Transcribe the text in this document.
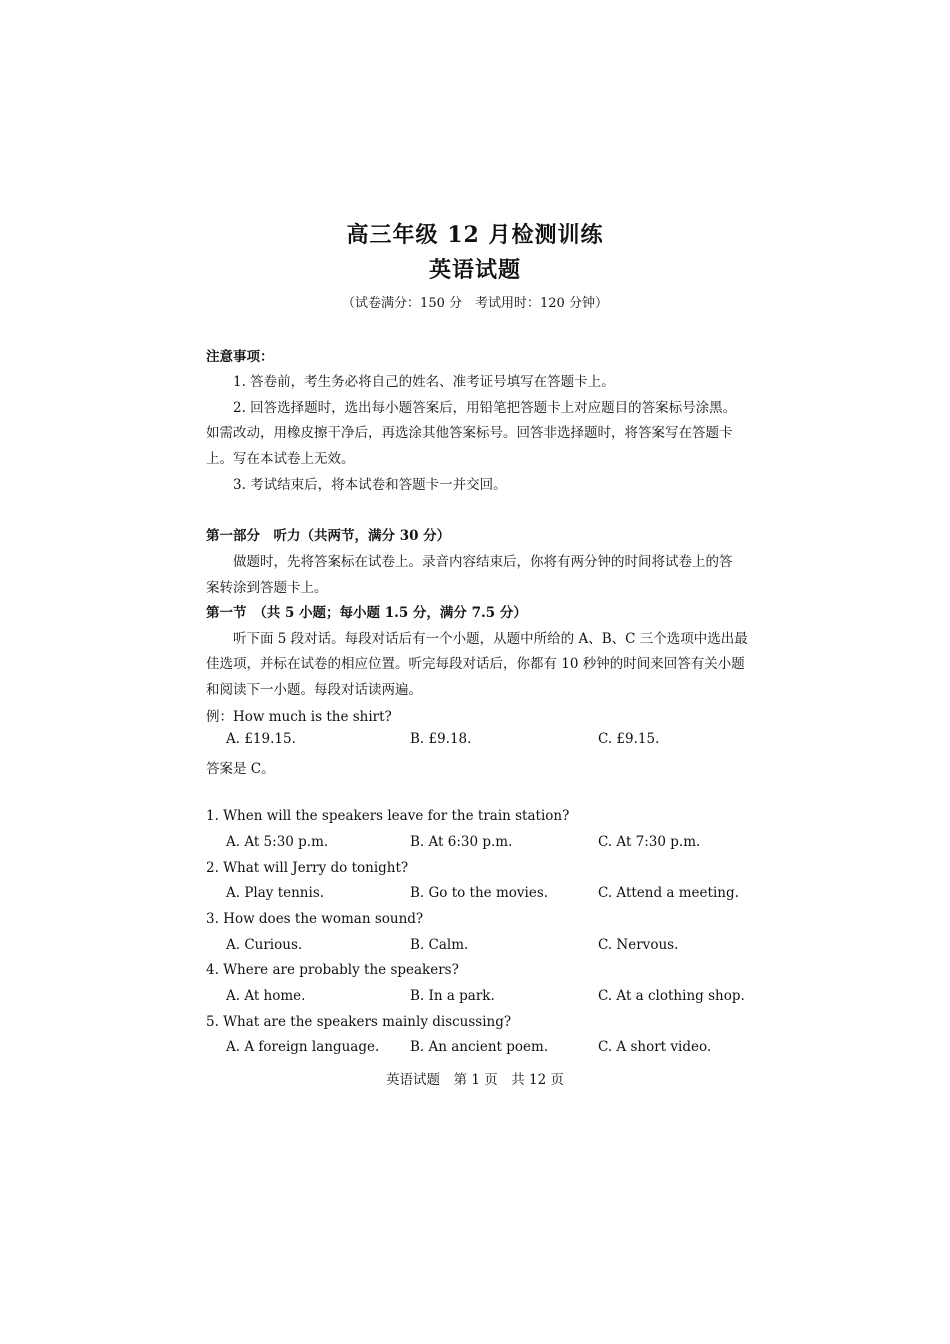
高三年级 12 月检测训练
英语试题
（试卷满分：150 分　考试用时：120 分钟）
注意事项：
1. 答卷前，考生务必将自己的姓名、准考证号填写在答题卡上。
2. 回答选择题时，选出每小题答案后，用铅笔把答题卡上对应题目的答案标号涂黑。
如需改动，用橡皮擦干净后，再选涂其他答案标号。回答非选择题时，将答案写在答题卡
上。写在本试卷上无效。
3. 考试结束后，将本试卷和答题卡一并交回。
第一部分　听力（共两节，满分 30 分）
做题时，先将答案标在试卷上。录音内容结束后，你将有两分钟的时间将试卷上的答
案转涂到答题卡上。
第一节　（共 5 小题；每小题 1.5 分，满分 7.5 分）
听下面 5 段对话。每段对话后有一个小题，从题中所给的 A、B、C 三个选项中选出最
佳选项，并标在试卷的相应位置。听完每段对话后，你都有 10 秒钟的时间来回答有关小题
和阅读下一小题。每段对话读两遍。
例：How much is the shirt?
A. £19.15.	B. £9.18.	C. £9.15.
答案是 C。
1. When will the speakers leave for the train station?
A. At 5:30 p.m.	B. At 6:30 p.m.	C. At 7:30 p.m.
2. What will Jerry do tonight?
A. Play tennis.	B. Go to the movies.	C. Attend a meeting.
3. How does the woman sound?
A. Curious.	B. Calm.	C. Nervous.
4. Where are probably the speakers?
A. At home.	B. In a park.	C. At a clothing shop.
5. What are the speakers mainly discussing?
A. A foreign language. B. An ancient poem.	C. A short video.
英语试题　第 1 页　共 12 页
